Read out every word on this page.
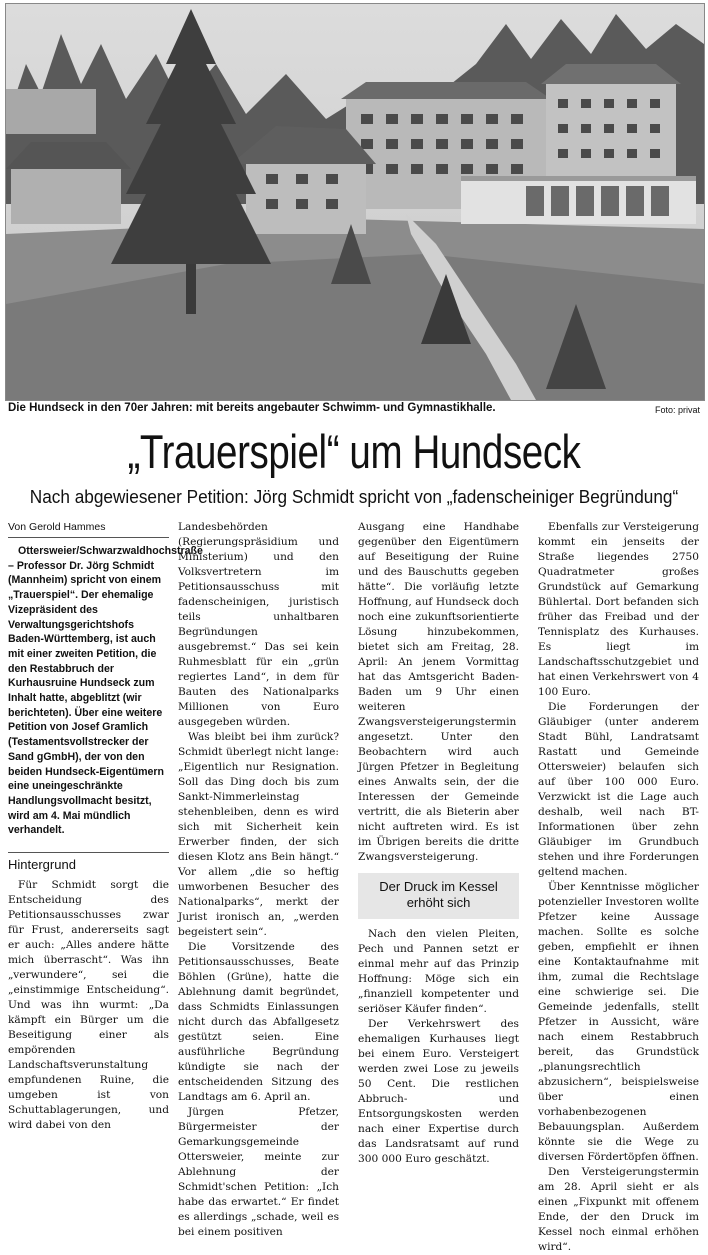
Die Hundseck in den 70er Jahren: mit bereits angebauter Schwimm- und Gymnastikhalle.	Foto: privat
„Trauerspiel“ um Hundseck
Nach abgewiesener Petition: Jörg Schmidt spricht von „fadenscheiniger Begründung“
Von Gerold Hammes

Ottersweier/Schwarzwaldhochstraße – Professor Dr. Jörg Schmidt (Mannheim) spricht von einem „Trauerspiel“. Der ehemalige Vizepräsident des Verwaltungsgerichtshofs Baden-Württemberg, ist auch mit einer zweiten Petition, die den Restabbruch der Kurhausruine Hundseck zum Inhalt hatte, abgeblitzt (wir berichteten). Über eine weitere Petition von Josef Gramlich (Testamentsvollstrecker der Sand gGmbH), der von den beiden Hundseck-Eigentümern eine uneingeschränkte Handlungsvollmacht besitzt, wird am 4. Mai mündlich verhandelt.

Hintergrund

Für Schmidt sorgt die Entscheidung des Petitionsausschusses zwar für Frust, andererseits sagt er auch: „Alles andere hätte mich überrascht“. Was ihn „verwundere“, sei die „einstimmige Entscheidung“. Und was ihn wurmt: „Da kämpft ein Bürger um die Beseitigung einer als empörenden Landschaftsverunstaltung empfundenen Ruine, die umgeben ist von Schuttablagerungen, und wird dabei von den

Landesbehörden (Regierungspräsidium und Ministerium) und den Volksvertretern im Petitionsausschuss mit fadenscheinigen, juristisch teils unhaltbaren Begründungen ausgebremst.“ Das sei kein Ruhmesblatt für ein „grün regiertes Land“, in dem für Bauten des Nationalparks Millionen von Euro ausgegeben würden.

Was bleibt bei ihm zurück? Schmidt überlegt nicht lange: „Eigentlich nur Resignation. Soll das Ding doch bis zum Sankt-Nimmerleinstag stehenbleiben, denn es wird sich mit Sicherheit kein Erwerber finden, der sich diesen Klotz ans Bein hängt.“ Vor allem „die so heftig umworbenen Besucher des Nationalparks“, merkt der Jurist ironisch an, „werden begeistert sein“.

Die Vorsitzende des Petitionsausschusses, Beate Böhlen (Grüne), hatte die Ablehnung damit begründet, dass Schmidts Einlassungen nicht durch das Abfallgesetz gestützt seien. Eine ausführliche Begründung kündigte sie nach der entscheidenden Sitzung des Landtags am 6. April an.

Jürgen Pfetzer, Bürgermeister der Gemarkungsgemeinde Ottersweier, meinte zur Ablehnung der Schmidt'schen Petition: „Ich habe das erwartet.“ Er findet es allerdings „schade, weil es bei einem positiven

Ausgang eine Handhabe gegenüber den Eigentümern auf Beseitigung der Ruine und des Bauschutts gegeben hätte“. Die vorläufig letzte Hoffnung, auf Hundseck doch noch eine zukunftsorientierte Lösung hinzubekommen, bietet sich am Freitag, 28. April: An jenem Vormittag hat das Amtsgericht Baden-Baden um 9 Uhr einen weiteren Zwangsversteigerungstermin angesetzt. Unter den Beobachtern wird auch Jürgen Pfetzer in Begleitung eines Anwalts sein, der die Interessen der Gemeinde vertritt, die als Bieterin aber nicht auftreten wird. Es ist im Übrigen bereits die dritte Zwangsversteigerung.

Der Druck im Kessel erhöht sich

Nach den vielen Pleiten, Pech und Pannen setzt er einmal mehr auf das Prinzip Hoffnung: Möge sich ein „finanziell kompetenter und seriöser Käufer finden“.

Der Verkehrswert des ehemaligen Kurhauses liegt bei einem Euro. Versteigert werden zwei Lose zu jeweils 50 Cent. Die restlichen Abbruch- und Entsorgungskosten werden nach einer Expertise durch das Landsratsamt auf rund 300 000 Euro geschätzt.

Ebenfalls zur Versteigerung kommt ein jenseits der Straße liegendes 2750 Quadratmeter großes Grundstück auf Gemarkung Bühlertal. Dort befanden sich früher das Freibad und der Tennisplatz des Kurhauses. Es liegt im Landschaftsschutzgebiet und hat einen Verkehrswert von 4 100 Euro.

Die Forderungen der Gläubiger (unter anderem Stadt Bühl, Landratsamt Rastatt und Gemeinde Ottersweier) belaufen sich auf über 100 000 Euro. Verzwickt ist die Lage auch deshalb, weil nach BT-Informationen über zehn Gläubiger im Grundbuch stehen und ihre Forderungen geltend machen.

Über Kenntnisse möglicher potenzieller Investoren wollte Pfetzer keine Aussage machen. Sollte es solche geben, empfiehlt er ihnen eine Kontaktaufnahme mit ihm, zumal die Rechtslage eine schwierige sei. Die Gemeinde jedenfalls, stellt Pfetzer in Aussicht, wäre nach einem Restabbruch bereit, das Grundstück „planungsrechtlich abzusichern“, beispielsweise über einen vorhabenbezogenen Bebauungsplan. Außerdem könnte sie die Wege zu diversen Fördertöpfen öffnen.

Den Versteigerungstermin am 28. April sieht er als einen „Fixpunkt mit offenem Ende, der den Druck im Kessel noch einmal erhöhen wird“.
